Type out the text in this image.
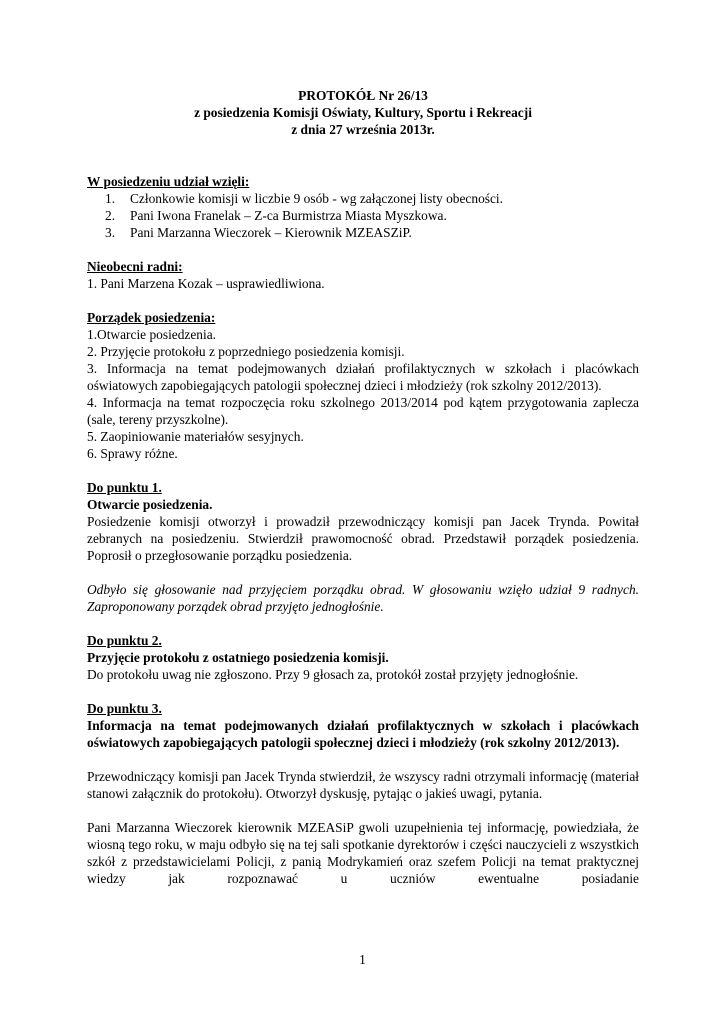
PROTOKÓŁ Nr 26/13
z posiedzenia Komisji Oświaty, Kultury, Sportu i Rekreacji
z dnia 27 września 2013r.
W posiedzeniu udział wzięli:
1. Członkowie komisji w liczbie 9 osób - wg załączonej listy obecności.
2. Pani Iwona Franelak – Z-ca Burmistrza Miasta Myszkowa.
3. Pani Marzanna Wieczorek – Kierownik MZEASZiP.
Nieobecni radni:
1. Pani Marzena Kozak – usprawiedliwiona.
Porządek posiedzenia:
1.Otwarcie posiedzenia.
2. Przyjęcie protokołu z poprzedniego posiedzenia komisji.
3. Informacja na temat podejmowanych działań profilaktycznych w szkołach i placówkach oświatowych zapobiegających patologii społecznej dzieci i młodzieży (rok szkolny 2012/2013).
4. Informacja na temat rozpoczęcia roku szkolnego 2013/2014 pod kątem przygotowania zaplecza (sale, tereny przyszkolne).
5. Zaopiniowanie materiałów sesyjnych.
6. Sprawy różne.
Do punktu 1.
Otwarcie posiedzenia.
Posiedzenie komisji otworzył i prowadził przewodniczący komisji pan Jacek Trynda. Powitał zebranych na posiedzeniu. Stwierdził prawomocność obrad. Przedstawił porządek posiedzenia. Poprosił o przegłosowanie porządku posiedzenia.
Odbyło się głosowanie nad przyjęciem porządku obrad. W głosowaniu wzięło udział 9 radnych. Zaproponowany porządek obrad przyjęto jednogłośnie.
Do punktu 2.
Przyjęcie protokołu z ostatniego posiedzenia komisji.
Do protokołu uwag nie zgłoszono. Przy 9 głosach za, protokół został przyjęty jednogłośnie.
Do punktu 3.
Informacja na temat podejmowanych działań profilaktycznych w szkołach i placówkach oświatowych zapobiegających patologii społecznej dzieci i młodzieży (rok szkolny 2012/2013).
Przewodniczący komisji pan Jacek Trynda stwierdził, że wszyscy radni otrzymali informację (materiał stanowi załącznik do protokołu). Otworzył dyskusję, pytając o jakieś uwagi, pytania.
Pani Marzanna Wieczorek kierownik MZEASiP gwoli uzupełnienia tej informację, powiedziała, że wiosną tego roku, w maju odbyło się na tej sali spotkanie dyrektorów i części nauczycieli z wszystkich szkół z przedstawicielami Policji, z panią Modrykamień oraz szefem Policji na temat praktycznej wiedzy jak rozpoznawać u uczniów ewentualne posiadanie
1
